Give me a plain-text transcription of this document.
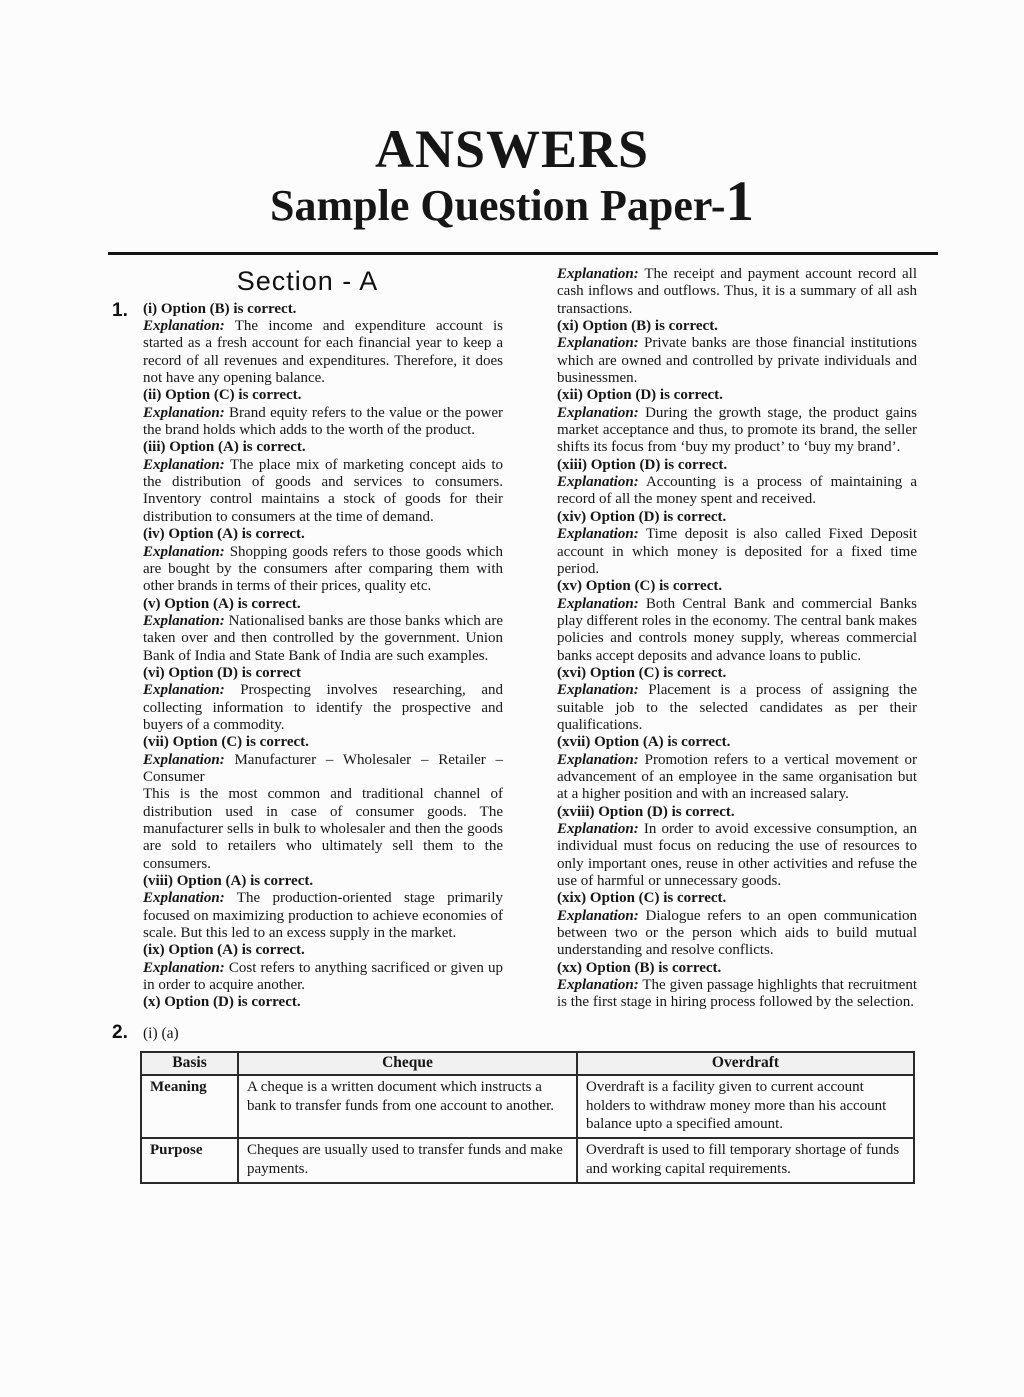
ANSWERS
Sample Question Paper-1
Section - A
1. (i) Option (B) is correct.

Explanation: The income and expenditure account is started as a fresh account for each financial year to keep a record of all revenues and expenditures. Therefore, it does not have any opening balance.

(ii) Option (C) is correct.

Explanation: Brand equity refers to the value or the power the brand holds which adds to the worth of the product.

(iii) Option (A) is correct.

Explanation: The place mix of marketing concept aids to the distribution of goods and services to consumers. Inventory control maintains a stock of goods for their distribution to consumers at the time of demand.

(iv) Option (A) is correct.

Explanation: Shopping goods refers to those goods which are bought by the consumers after comparing them with other brands in terms of their prices, quality etc.

(v) Option (A) is correct.

Explanation: Nationalised banks are those banks which are taken over and then controlled by the government. Union Bank of India and State Bank of India are such examples.

(vi) Option (D) is correct

Explanation: Prospecting involves researching, and collecting information to identify the prospective and buyers of a commodity.

(vii) Option (C) is correct.

Explanation: Manufacturer – Wholesaler – Retailer – Consumer

This is the most common and traditional channel of distribution used in case of consumer goods. The manufacturer sells in bulk to wholesaler and then the goods are sold to retailers who ultimately sell them to the consumers.

(viii) Option (A) is correct.

Explanation: The production-oriented stage primarily focused on maximizing production to achieve economies of scale. But this led to an excess supply in the market.

(ix) Option (A) is correct.

Explanation: Cost refers to anything sacrificed or given up in order to acquire another.

(x) Option (D) is correct.

Explanation: The receipt and payment account record all cash inflows and outflows. Thus, it is a summary of all ash transactions.

(xi) Option (B) is correct.

Explanation: Private banks are those financial institutions which are owned and controlled by private individuals and businessmen.

(xii) Option (D) is correct.

Explanation: During the growth stage, the product gains market acceptance and thus, to promote its brand, the seller shifts its focus from ‘buy my product’ to ‘buy my brand’.

(xiii) Option (D) is correct.

Explanation: Accounting is a process of maintaining a record of all the money spent and received.

(xiv) Option (D) is correct.

Explanation: Time deposit is also called Fixed Deposit account in which money is deposited for a fixed time period.

(xv) Option (C) is correct.

Explanation: Both Central Bank and commercial Banks play different roles in the economy. The central bank makes policies and controls money supply, whereas commercial banks accept deposits and advance loans to public.

(xvi) Option (C) is correct.

Explanation: Placement is a process of assigning the suitable job to the selected candidates as per their qualifications.

(xvii) Option (A) is correct.

Explanation: Promotion refers to a vertical movement or advancement of an employee in the same organisation but at a higher position and with an increased salary.

(xviii) Option (D) is correct.

Explanation: In order to avoid excessive consumption, an individual must focus on reducing the use of resources to only important ones, reuse in other activities and refuse the use of harmful or unnecessary goods.

(xix) Option (C) is correct.

Explanation: Dialogue refers to an open communication between two or the person which aids to build mutual understanding and resolve conflicts.

(xx) Option (B) is correct.

Explanation: The given passage highlights that recruitment is the first stage in hiring process followed by the selection.

2. (i) (a)
Basis	Cheque	Overdraft
Meaning	A cheque is a written document which instructs a bank to transfer funds from one account to another.	Overdraft is a facility given to current account holders to withdraw money more than his account balance upto a specified amount.
Purpose	Cheques are usually used to transfer funds and make payments.	Overdraft is used to fill temporary shortage of funds and working capital requirements.
